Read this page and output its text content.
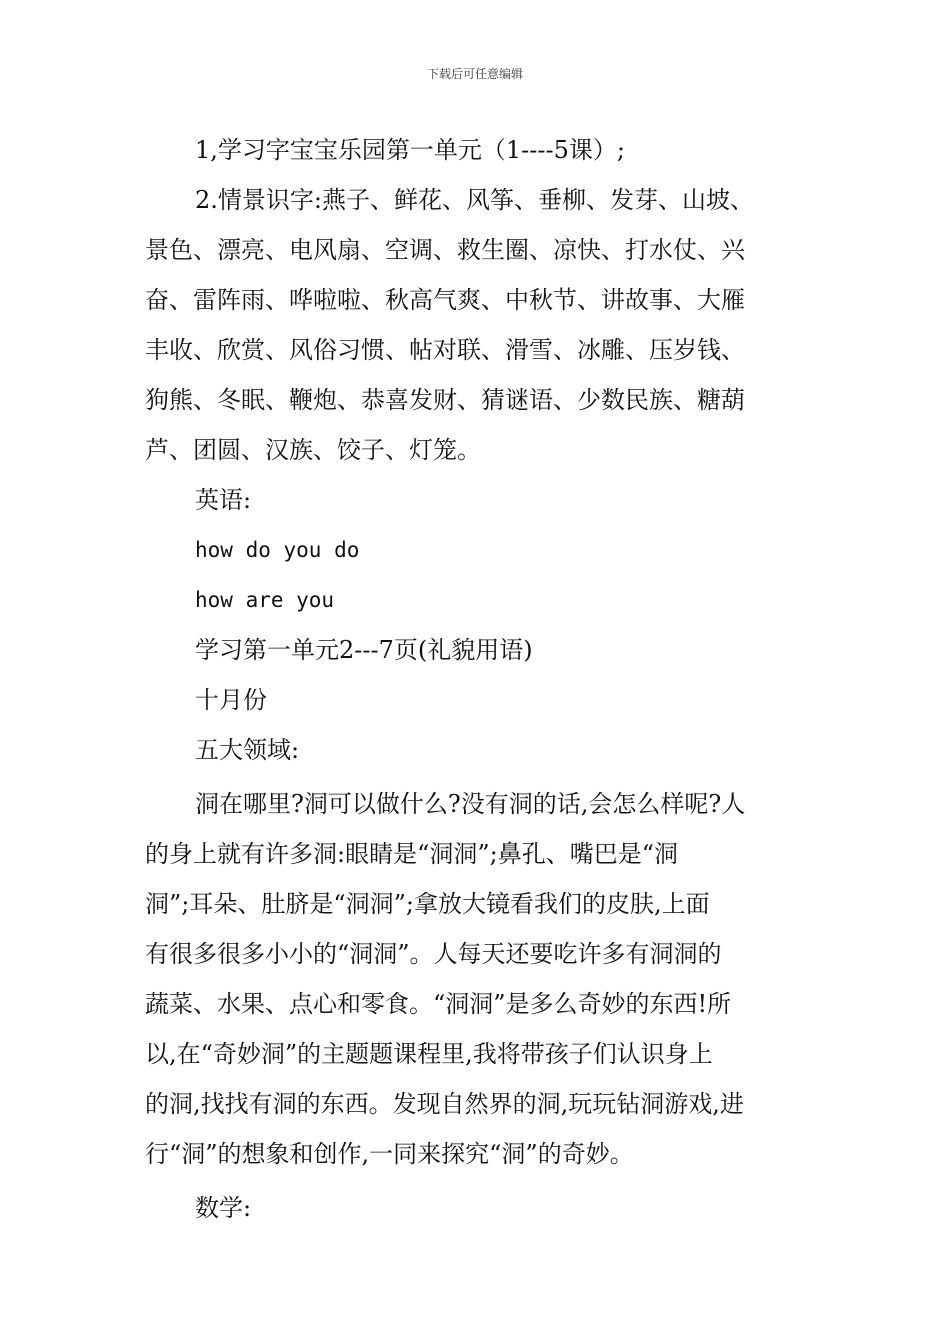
下载后可任意编辑
1,学习字宝宝乐园第一单元（1----5课）;
2.情景识字:燕子、鲜花、风筝、垂柳、发芽、山坡、
景色、漂亮、电风扇、空调、救生圈、凉快、打水仗、兴
奋、雷阵雨、哗啦啦、秋高气爽、中秋节、讲故事、大雁
丰收、欣赏、风俗习惯、帖对联、滑雪、冰雕、压岁钱、
狗熊、冬眠、鞭炮、恭喜发财、猜谜语、少数民族、糖葫
芦、团圆、汉族、饺子、灯笼。
英语:
how do you do
how are you
学习第一单元2---7页(礼貌用语)
十月份
五大领域:
洞在哪里?洞可以做什么?没有洞的话,会怎么样呢?人
的身上就有许多洞:眼睛是“洞洞”;鼻孔、嘴巴是“洞
洞”;耳朵、肚脐是“洞洞”;拿放大镜看我们的皮肤,上面
有很多很多小小的“洞洞”。人每天还要吃许多有洞洞的
蔬菜、水果、点心和零食。“洞洞”是多么奇妙的东西!所
以,在“奇妙洞”的主题题课程里,我将带孩子们认识身上
的洞,找找有洞的东西。发现自然界的洞,玩玩钻洞游戏,进
行“洞”的想象和创作,一同来探究“洞”的奇妙。
数学:
